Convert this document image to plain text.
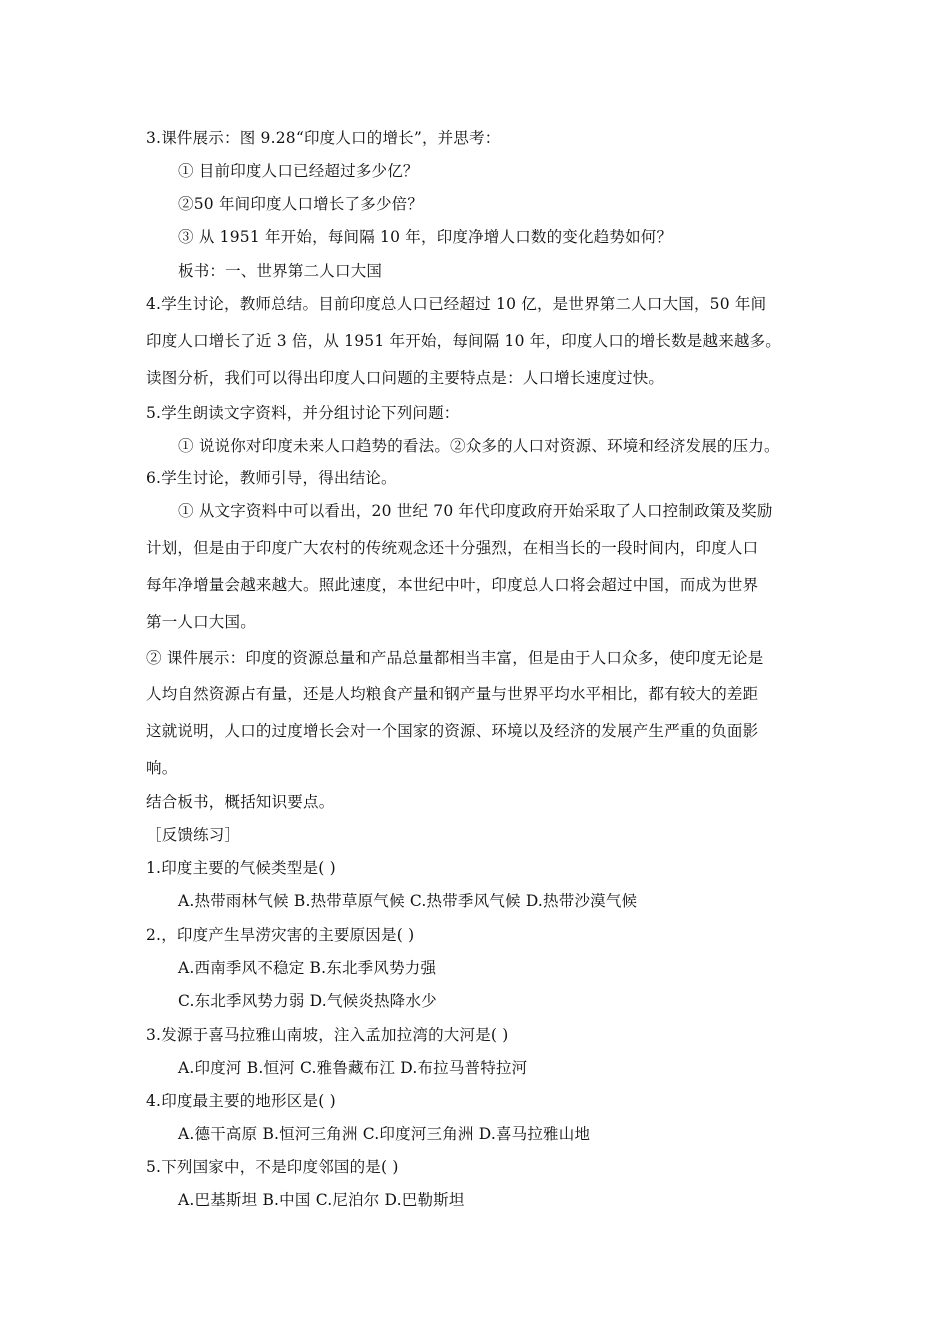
3.课件展示：图 9.28“印度人口的增长”，并思考：
① 目前印度人口已经超过多少亿？
②50 年间印度人口增长了多少倍？
③ 从 1951 年开始，每间隔 10 年，印度净增人口数的变化趋势如何？
板书：一、世界第二人口大国
4.学生讨论，教师总结。目前印度总人口已经超过 10 亿，是世界第二人口大国，50 年间
印度人口增长了近 3 倍，从 1951 年开始，每间隔 10 年，印度人口的增长数是越来越多。
读图分析，我们可以得出印度人口问题的主要特点是：人口增长速度过快。
5.学生朗读文字资料，并分组讨论下列问题：
① 说说你对印度未来人口趋势的看法。②众多的人口对资源、环境和经济发展的压力。
6.学生讨论，教师引导，得出结论。
① 从文字资料中可以看出，20 世纪 70 年代印度政府开始采取了人口控制政策及奖励
计划，但是由于印度广大农村的传统观念还十分强烈，在相当长的一段时间内，印度人口
每年净增量会越来越大。照此速度，本世纪中叶，印度总人口将会超过中国，而成为世界
第一人口大国。
② 课件展示：印度的资源总量和产品总量都相当丰富，但是由于人口众多，使印度无论是
人均自然资源占有量，还是人均粮食产量和钢产量与世界平均水平相比，都有较大的差距
这就说明，人口的过度增长会对一个国家的资源、环境以及经济的发展产生严重的负面影
响。
结合板书，概括知识要点。
［反馈练习］
1.印度主要的气候类型是( )
A.热带雨林气候 B.热带草原气候 C.热带季风气候 D.热带沙漠气候
2.，印度产生旱涝灾害的主要原因是( )
A.西南季风不稳定 B.东北季风势力强
C.东北季风势力弱 D.气候炎热降水少
3.发源于喜马拉雅山南坡，注入孟加拉湾的大河是( )
A.印度河 B.恒河 C.雅鲁藏布江 D.布拉马普特拉河
4.印度最主要的地形区是( )
A.德干高原 B.恒河三角洲 C.印度河三角洲 D.喜马拉雅山地
5.下列国家中，不是印度邻国的是( )
A.巴基斯坦 B.中国 C.尼泊尔 D.巴勒斯坦
